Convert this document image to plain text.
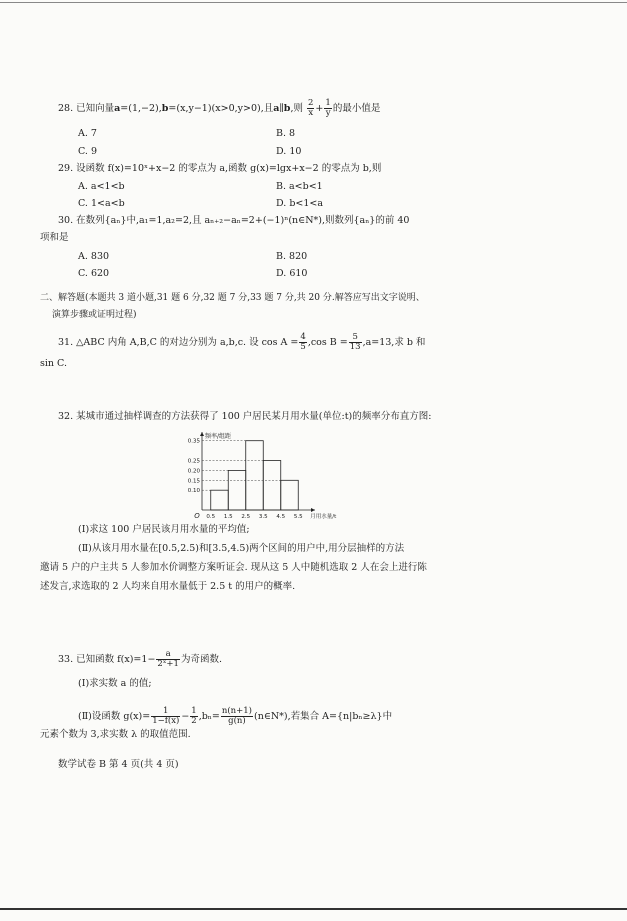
28. 已知向量a=(1,−2),b=(x,y−1)(x>0,y>0),且a∥b,则 $\frac{2}{x} + \frac{1}{y}$ 的最小值是
A. 7	B. 8
C. 9	D. 10
29. 设函数 f(x)=10ˣ+x−2 的零点为 a,函数 g(x)=lgx+x−2 的零点为 b,则
A. a<1<b	B. a<b<1
C. 1<a<b	D. b<1<a
30. 在数列{aₙ}中,a₁=1,a₂=2,且 aₙ₊₂−aₙ=2+(−1)ⁿ(n∈N*),则数列{aₙ}的前 40
项和是
A. 830	B. 820
C. 620	D. 610
二、解答题(本题共 3 道小题,31 题 6 分,32 题 7 分,33 题 7 分,共 20 分.解答应写出文字说明、
演算步骤或证明过程)
31. △ABC 内角 A,B,C 的对边分别为 a,b,c. 设 $\cos A = \frac{4}{5} ,\cos$ $B = \frac{5}{13} ,a=13$,求 b 和
sin C.
32. 某城市通过抽样调查的方法获得了 100 户居民某月用水量(单位:t)的频率分布直方图:
0.10
0.15
0.20
0.25
0.35
0.5 1.5 2.5 3.5 4.5 5.5
O
频率/组距
月用水量/t
(Ⅰ)求这 100 户居民该月用水量的平均值;
(Ⅱ)从该月用水量在[0.5,2.5)和[3.5,4.5)两个区间的用户中,用分层抽样的方法
邀请 5 户的户主共 5 人参加水价调整方案听证会. 现从这 5 人中随机选取 2 人在会上进行陈
述发言,求选取的 2 人均来自用水量低于 2.5 t 的用户的概率.
33. 已知函数 $f(x)=1- \frac{a}{\text{2ˣ+1}}$ 为奇函数.
(Ⅰ)求实数 a 的值;
(Ⅱ)设函数 $g(x)= \frac{1}{1-f(x)} - \frac{1}{2} ,b_n= \frac{n(n+1)}{g(n)}$ (n∈N*),若集合 A={n|bₙ≥λ}中
元素个数为 3,求实数 λ 的取值范围.
数学试卷 B 第 4 页(共 4 页)
